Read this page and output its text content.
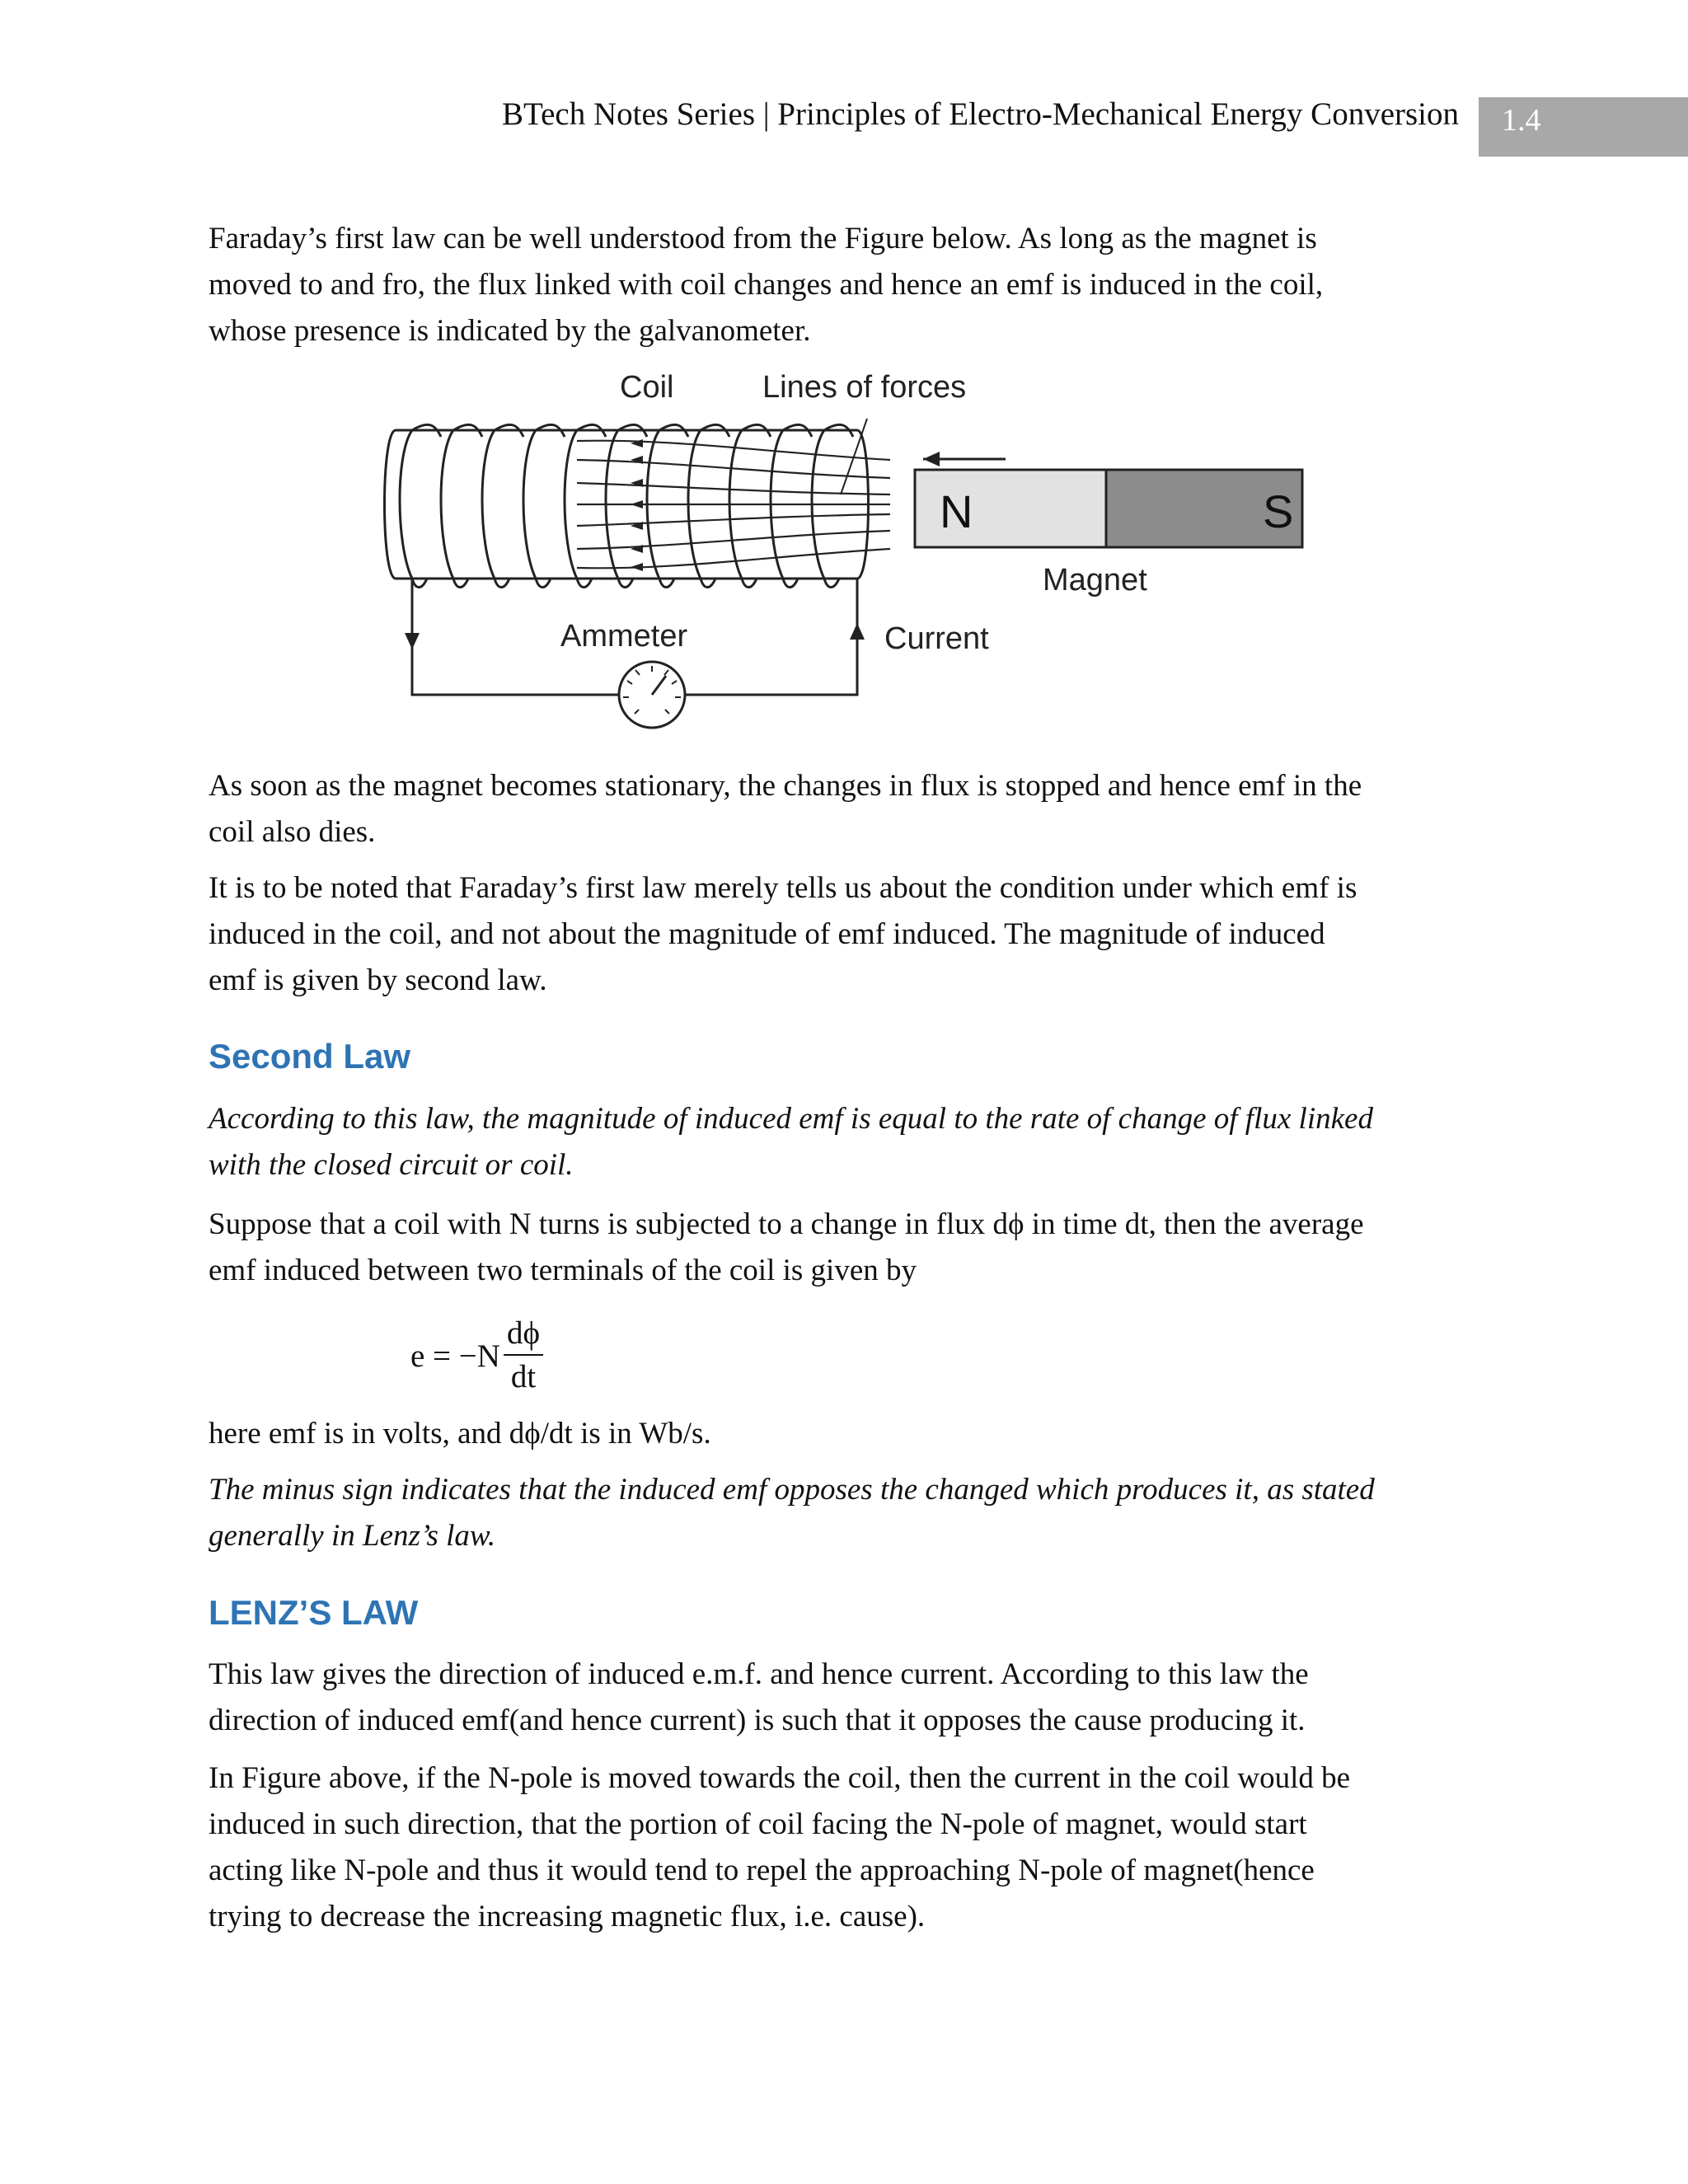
BTech Notes Series | Principles of Electro-Mechanical Energy Conversion	1.4
Faraday’s first law can be well understood from the Figure below. As long as the magnet is
moved to and fro, the flux linked with coil changes and hence an emf is induced in the coil,
whose presence is indicated by the galvanometer.
N	S
Coil	Lines of forces
Magnet
Ammeter	Current
As soon as the magnet becomes stationary, the changes in flux is stopped and hence emf in the
coil also dies.
It is to be noted that Faraday’s first law merely tells us about the condition under which emf is
induced in the coil, and not about the magnitude of emf induced. The magnitude of induced
emf is given by second law.
Second Law
According to this law, the magnitude of induced emf is equal to the rate of change of flux linked
with the closed circuit or coil.
Suppose that a coil with N turns is subjected to a change in flux dϕ in time dt, then the average
emf induced between two terminals of the coil is given by
$e = -N \frac{d\phi}{dt}$
here emf is in volts, and dϕ/dt is in Wb/s.
The minus sign indicates that the induced emf opposes the changed which produces it, as stated
generally in Lenz’s law.
LENZ’S LAW
This law gives the direction of induced e.m.f. and hence current. According to this law the
direction of induced emf(and hence current) is such that it opposes the cause producing it.
In Figure above, if the N-pole is moved towards the coil, then the current in the coil would be
induced in such direction, that the portion of coil facing the N-pole of magnet, would start
acting like N-pole and thus it would tend to repel the approaching N-pole of magnet(hence
trying to decrease the increasing magnetic flux, i.e. cause).
